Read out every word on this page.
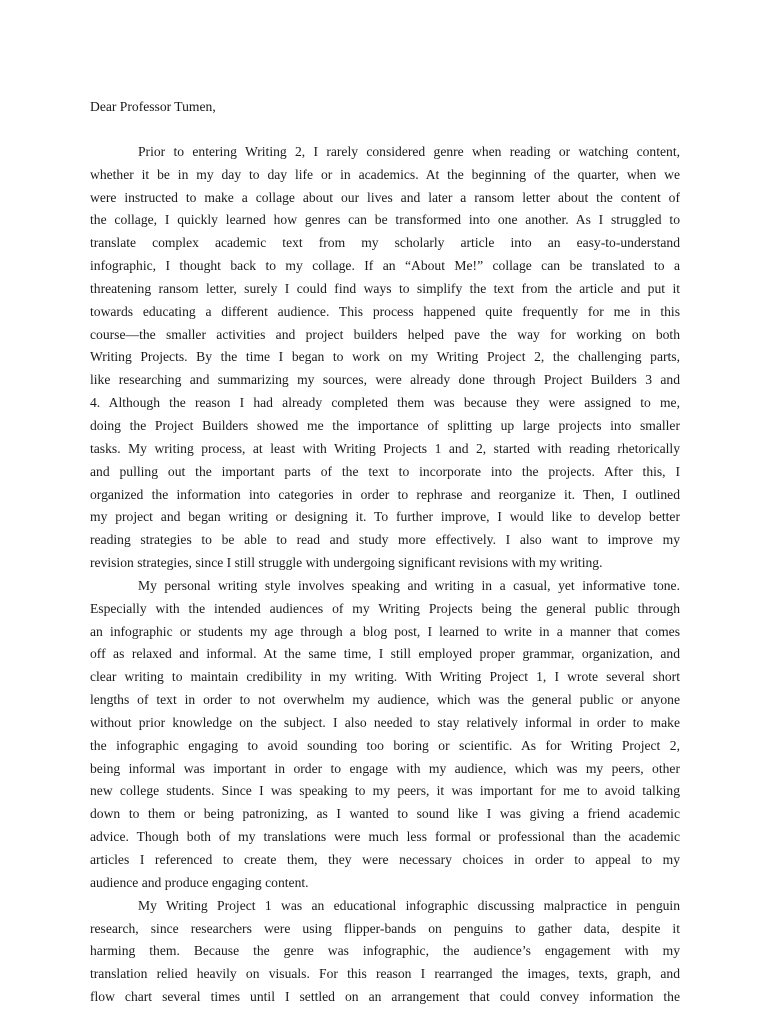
Dear Professor Tumen,
Prior to entering Writing 2, I rarely considered genre when reading or watching content,
whether it be in my day to day life or in academics. At the beginning of the quarter, when we
were instructed to make a collage about our lives and later a ransom letter about the content of
the collage, I quickly learned how genres can be transformed into one another. As I struggled to
translate complex academic text from my scholarly article into an easy-to-understand
infographic, I thought back to my collage. If an “About Me!” collage can be translated to a
threatening ransom letter, surely I could find ways to simplify the text from the article and put it
towards educating a different audience. This process happened quite frequently for me in this
course—the smaller activities and project builders helped pave the way for working on both
Writing Projects. By the time I began to work on my Writing Project 2, the challenging parts,
like researching and summarizing my sources, were already done through Project Builders 3 and
4. Although the reason I had already completed them was because they were assigned to me,
doing the Project Builders showed me the importance of splitting up large projects into smaller
tasks. My writing process, at least with Writing Projects 1 and 2, started with reading rhetorically
and pulling out the important parts of the text to incorporate into the projects. After this, I
organized the information into categories in order to rephrase and reorganize it. Then, I outlined
my project and began writing or designing it. To further improve, I would like to develop better
reading strategies to be able to read and study more effectively. I also want to improve my
revision strategies, since I still struggle with undergoing significant revisions with my writing.
My personal writing style involves speaking and writing in a casual, yet informative tone.
Especially with the intended audiences of my Writing Projects being the general public through
an infographic or students my age through a blog post, I learned to write in a manner that comes
off as relaxed and informal. At the same time, I still employed proper grammar, organization, and
clear writing to maintain credibility in my writing. With Writing Project 1, I wrote several short
lengths of text in order to not overwhelm my audience, which was the general public or anyone
without prior knowledge on the subject. I also needed to stay relatively informal in order to make
the infographic engaging to avoid sounding too boring or scientific. As for Writing Project 2,
being informal was important in order to engage with my audience, which was my peers, other
new college students. Since I was speaking to my peers, it was important for me to avoid talking
down to them or being patronizing, as I wanted to sound like I was giving a friend academic
advice. Though both of my translations were much less formal or professional than the academic
articles I referenced to create them, they were necessary choices in order to appeal to my
audience and produce engaging content.
My Writing Project 1 was an educational infographic discussing malpractice in penguin
research, since researchers were using flipper-bands on penguins to gather data, despite it
harming them. Because the genre was infographic, the audience’s engagement with my
translation relied heavily on visuals. For this reason I rearranged the images, texts, graph, and
flow chart several times until I settled on an arrangement that could convey information the
